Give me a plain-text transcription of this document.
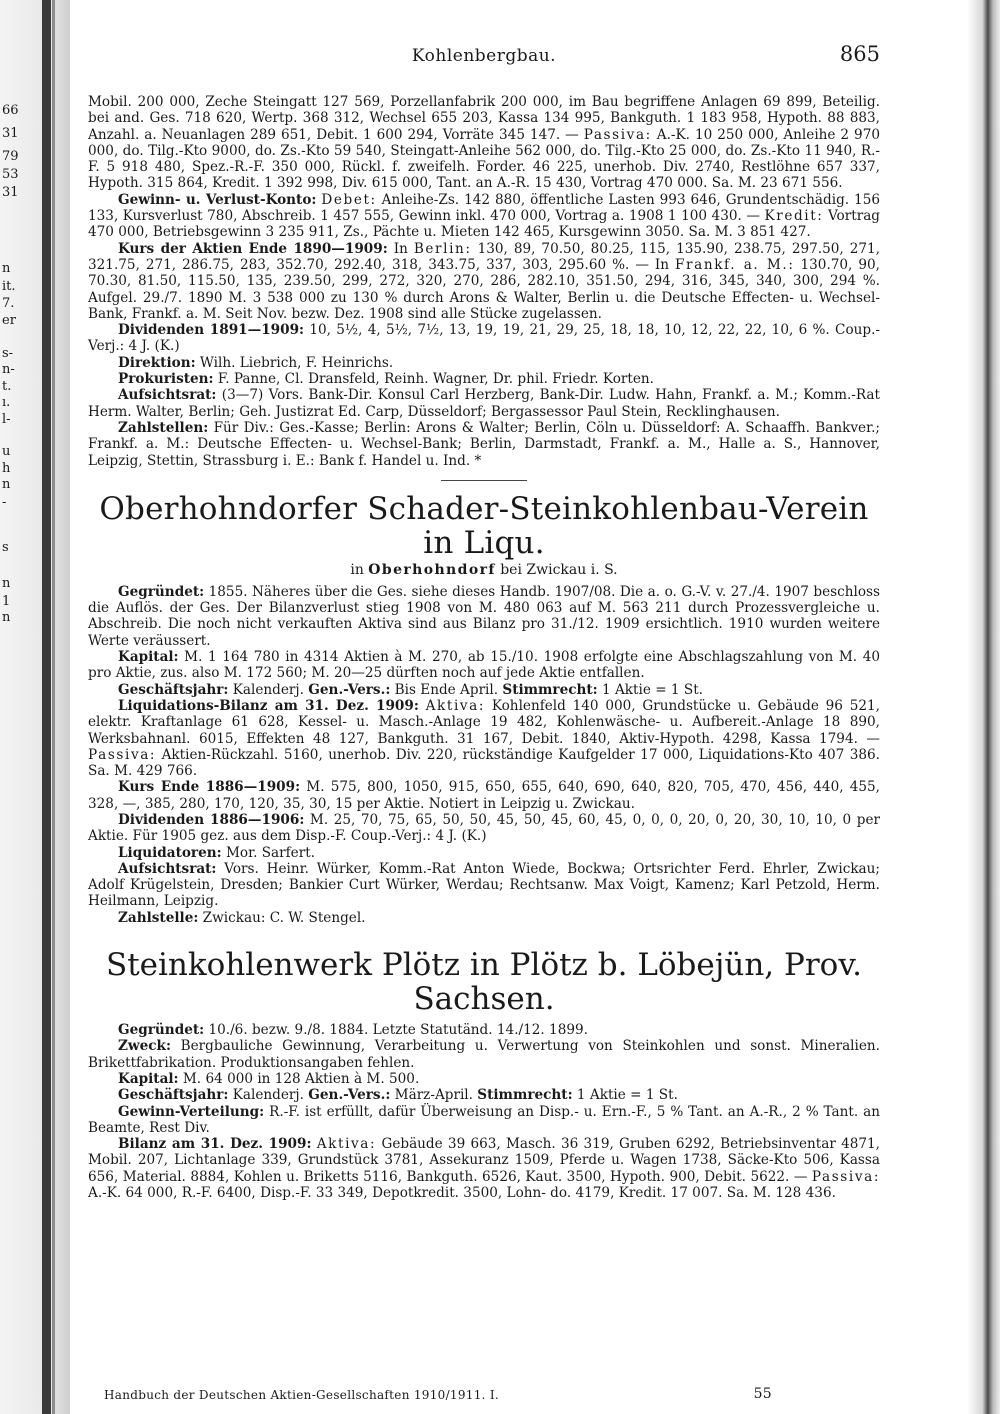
66
31
79
53
31
n
it.
7.
er
s-
n-
t.
ı.
l-
u
h
n
-
s
n
1
n
Kohlenbergbau.	865

Mobil. 200 000, Zeche Steingatt 127 569, Porzellanfabrik 200 000, im Bau begriffene Anlagen 69 899, Beteilig. bei and. Ges. 718 620, Wertp. 368 312, Wechsel 655 203, Kassa 134 995, Bankguth. 1 183 958, Hypoth. 88 883, Anzahl. a. Neuanlagen 289 651, Debit. 1 600 294, Vorräte 345 147. — Passiva: A.-K. 10 250 000, Anleihe 2 970 000, do. Tilg.-Kto 9000, do. Zs.-Kto 59 540, Steingatt-Anleihe 562 000, do. Tilg.-Kto 25 000, do. Zs.-Kto 11 940, R.-F. 5 918 480, Spez.-R.-F. 350 000, Rückl. f. zweifelh. Forder. 46 225, unerhob. Div. 2740, Restlöhne 657 337, Hypoth. 315 864, Kredit. 1 392 998, Div. 615 000, Tant. an A.-R. 15 430, Vortrag 470 000. Sa. M. 23 671 556.

Gewinn- u. Verlust-Konto: Debet: Anleihe-Zs. 142 880, öffentliche Lasten 993 646, Grundentschädig. 156 133, Kursverlust 780, Abschreib. 1 457 555, Gewinn inkl. 470 000, Vortrag a. 1908 1 100 430. — Kredit: Vortrag 470 000, Betriebsgewinn 3 235 911, Zs., Pächte u. Mieten 142 465, Kursgewinn 3050. Sa. M. 3 851 427.

Kurs der Aktien Ende 1890—1909: In Berlin: 130, 89, 70.50, 80.25, 115, 135.90, 238.75, 297.50, 271, 321.75, 271, 286.75, 283, 352.70, 292.40, 318, 343.75, 337, 303, 295.60 %. — In Frankf. a. M.: 130.70, 90, 70.30, 81.50, 115.50, 135, 239.50, 299, 272, 320, 270, 286, 282.10, 351.50, 294, 316, 345, 340, 300, 294 %. Aufgel. 29./7. 1890 M. 3 538 000 zu 130 % durch Arons & Walter, Berlin u. die Deutsche Effecten- u. Wechsel-Bank, Frankf. a. M. Seit Nov. bezw. Dez. 1908 sind alle Stücke zugelassen.

Dividenden 1891—1909: 10, 5½, 4, 5½, 7½, 13, 19, 19, 21, 29, 25, 18, 18, 10, 12, 22, 22, 10, 6 %. Coup.-Verj.: 4 J. (K.)

Direktion: Wilh. Liebrich, F. Heinrichs.

Prokuristen: F. Panne, Cl. Dransfeld, Reinh. Wagner, Dr. phil. Friedr. Korten.

Aufsichtsrat: (3—7) Vors. Bank-Dir. Konsul Carl Herzberg, Bank-Dir. Ludw. Hahn, Frankf. a. M.; Komm.-Rat Herm. Walter, Berlin; Geh. Justizrat Ed. Carp, Düsseldorf; Bergassessor Paul Stein, Recklinghausen.

Zahlstellen: Für Div.: Ges.-Kasse; Berlin: Arons & Walter; Berlin, Cöln u. Düsseldorf: A. Schaaffh. Bankver.; Frankf. a. M.: Deutsche Effecten- u. Wechsel-Bank; Berlin, Darmstadt, Frankf. a. M., Halle a. S., Hannover, Leipzig, Stettin, Strassburg i. E.: Bank f. Handel u. Ind. *

Oberhohndorfer Schader-Steinkohlenbau-Verein in Liqu.
in Oberhohndorf bei Zwickau i. S.

Gegründet: 1855. Näheres über die Ges. siehe dieses Handb. 1907/08. Die a. o. G.-V. v. 27./4. 1907 beschloss die Auflös. der Ges. Der Bilanzverlust stieg 1908 von M. 480 063 auf M. 563 211 durch Prozessvergleiche u. Abschreib. Die noch nicht verkauften Aktiva sind aus Bilanz pro 31./12. 1909 ersichtlich. 1910 wurden weitere Werte veräussert.

Kapital: M. 1 164 780 in 4314 Aktien à M. 270, ab 15./10. 1908 erfolgte eine Abschlagszahlung von M. 40 pro Aktie, zus. also M. 172 560; M. 20—25 dürften noch auf jede Aktie entfallen.

Geschäftsjahr: Kalenderj. Gen.-Vers.: Bis Ende April. Stimmrecht: 1 Aktie = 1 St.

Liquidations-Bilanz am 31. Dez. 1909: Aktiva: Kohlenfeld 140 000, Grundstücke u. Gebäude 96 521, elektr. Kraftanlage 61 628, Kessel- u. Masch.-Anlage 19 482, Kohlenwäsche- u. Aufbereit.-Anlage 18 890, Werksbahnanl. 6015, Effekten 48 127, Bankguth. 31 167, Debit. 1840, Aktiv-Hypoth. 4298, Kassa 1794. — Passiva: Aktien-Rückzahl. 5160, unerhob. Div. 220, rückständige Kaufgelder 17 000, Liquidations-Kto 407 386. Sa. M. 429 766.

Kurs Ende 1886—1909: M. 575, 800, 1050, 915, 650, 655, 640, 690, 640, 820, 705, 470, 456, 440, 455, 328, —, 385, 280, 170, 120, 35, 30, 15 per Aktie. Notiert in Leipzig u. Zwickau.

Dividenden 1886—1906: M. 25, 70, 75, 65, 50, 50, 45, 50, 45, 60, 45, 0, 0, 0, 20, 0, 20, 30, 10, 10, 0 per Aktie. Für 1905 gez. aus dem Disp.-F. Coup.-Verj.: 4 J. (K.)

Liquidatoren: Mor. Sarfert.

Aufsichtsrat: Vors. Heinr. Würker, Komm.-Rat Anton Wiede, Bockwa; Ortsrichter Ferd. Ehrler, Zwickau; Adolf Krügelstein, Dresden; Bankier Curt Würker, Werdau; Rechtsanw. Max Voigt, Kamenz; Karl Petzold, Herm. Heilmann, Leipzig.

Zahlstelle: Zwickau: C. W. Stengel.

Steinkohlenwerk Plötz in Plötz b. Löbejün, Prov. Sachsen.

Gegründet: 10./6. bezw. 9./8. 1884. Letzte Statutänd. 14./12. 1899.

Zweck: Bergbauliche Gewinnung, Verarbeitung u. Verwertung von Steinkohlen und sonst. Mineralien. Brikettfabrikation. Produktionsangaben fehlen.

Kapital: M. 64 000 in 128 Aktien à M. 500.

Geschäftsjahr: Kalenderj. Gen.-Vers.: März-April. Stimmrecht: 1 Aktie = 1 St.

Gewinn-Verteilung: R.-F. ist erfüllt, dafür Überweisung an Disp.- u. Ern.-F., 5 % Tant. an A.-R., 2 % Tant. an Beamte, Rest Div.

Bilanz am 31. Dez. 1909: Aktiva: Gebäude 39 663, Masch. 36 319, Gruben 6292, Betriebsinventar 4871, Mobil. 207, Lichtanlage 339, Grundstück 3781, Assekuranz 1509, Pferde u. Wagen 1738, Säcke-Kto 506, Kassa 656, Material. 8884, Kohlen u. Briketts 5116, Bankguth. 6526, Kaut. 3500, Hypoth. 900, Debit. 5622. — Passiva: A.-K. 64 000, R.-F. 6400, Disp.-F. 33 349, Depotkredit. 3500, Lohn- do. 4179, Kredit. 17 007. Sa. M. 128 436.

Handbuch der Deutschen Aktien-Gesellschaften 1910/1911. I.	55
